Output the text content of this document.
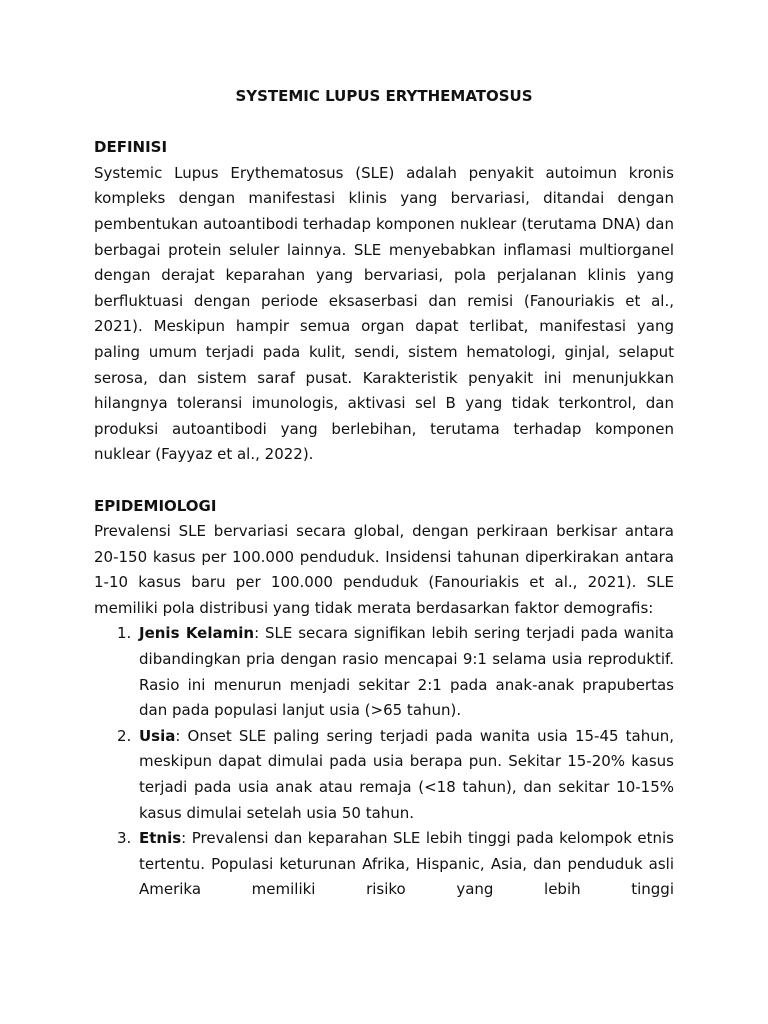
SYSTEMIC LUPUS ERYTHEMATOSUS

DEFINISI

Systemic Lupus Erythematosus (SLE) adalah penyakit autoimun kronis kompleks dengan manifestasi klinis yang bervariasi, ditandai dengan pembentukan autoantibodi terhadap komponen nuklear (terutama DNA) dan berbagai protein seluler lainnya. SLE menyebabkan inflamasi multiorganel dengan derajat keparahan yang bervariasi, pola perjalanan klinis yang berfluktuasi dengan periode eksaserbasi dan remisi (Fanouriakis et al., 2021). Meskipun hampir semua organ dapat terlibat, manifestasi yang paling umum terjadi pada kulit, sendi, sistem hematologi, ginjal, selaput serosa, dan sistem saraf pusat. Karakteristik penyakit ini menunjukkan hilangnya toleransi imunologis, aktivasi sel B yang tidak terkontrol, dan produksi autoantibodi yang berlebihan, terutama terhadap komponen nuklear (Fayyaz et al., 2022).

EPIDEMIOLOGI

Prevalensi SLE bervariasi secara global, dengan perkiraan berkisar antara 20-150 kasus per 100.000 penduduk. Insidensi tahunan diperkirakan antara 1-10 kasus baru per 100.000 penduduk (Fanouriakis et al., 2021). SLE memiliki pola distribusi yang tidak merata berdasarkan faktor demografis:

1. Jenis Kelamin: SLE secara signifikan lebih sering terjadi pada wanita dibandingkan pria dengan rasio mencapai 9:1 selama usia reproduktif. Rasio ini menurun menjadi sekitar 2:1 pada anak-anak prapubertas dan pada populasi lanjut usia (>65 tahun).
2. Usia: Onset SLE paling sering terjadi pada wanita usia 15-45 tahun, meskipun dapat dimulai pada usia berapa pun. Sekitar 15-20% kasus terjadi pada usia anak atau remaja (<18 tahun), dan sekitar 10-15% kasus dimulai setelah usia 50 tahun.
3. Etnis: Prevalensi dan keparahan SLE lebih tinggi pada kelompok etnis tertentu. Populasi keturunan Afrika, Hispanic, Asia, dan penduduk asli Amerika memiliki risiko yang lebih tinggi
